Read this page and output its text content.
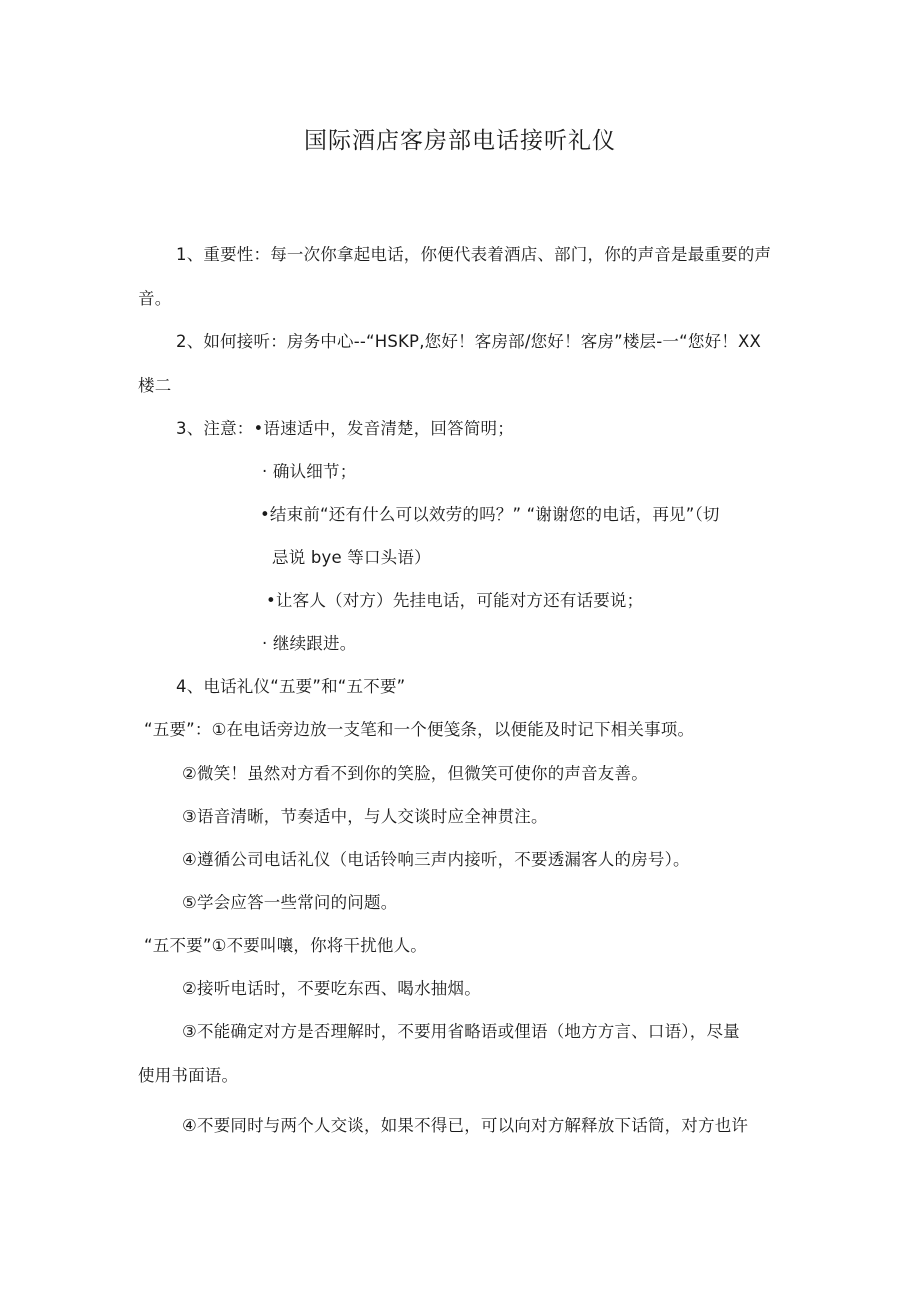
国际酒店客房部电话接听礼仪
1、重要性：每一次你拿起电话，你便代表着酒店、部门，你的声音是最重要的声
音。
2、如何接听：房务中心--“HSKP,您好！客房部/您好！客房”楼层-一“您好！XX
楼二
3、注意：•语速适中，发音清楚，回答简明；
· 确认细节；
•结束前“还有什么可以效劳的吗？” “谢谢您的电话，再见”（切
忌说 bye 等口头语）
•让客人（对方）先挂电话，可能对方还有话要说；
· 继续跟进。
4、电话礼仪“五要”和“五不要”
“五要”：①在电话旁边放一支笔和一个便笺条，以便能及时记下相关事项。
②微笑！虽然对方看不到你的笑脸，但微笑可使你的声音友善。
③语音清晰，节奏适中，与人交谈时应全神贯注。
④遵循公司电话礼仪（电话铃响三声内接听，不要透漏客人的房号）。
⑤学会应答一些常问的问题。
“五不要”①不要叫嚷，你将干扰他人。
②接听电话时，不要吃东西、喝水抽烟。
③不能确定对方是否理解时，不要用省略语或俚语（地方方言、口语），尽量
使用书面语。
④不要同时与两个人交谈，如果不得已，可以向对方解释放下话筒，对方也许
